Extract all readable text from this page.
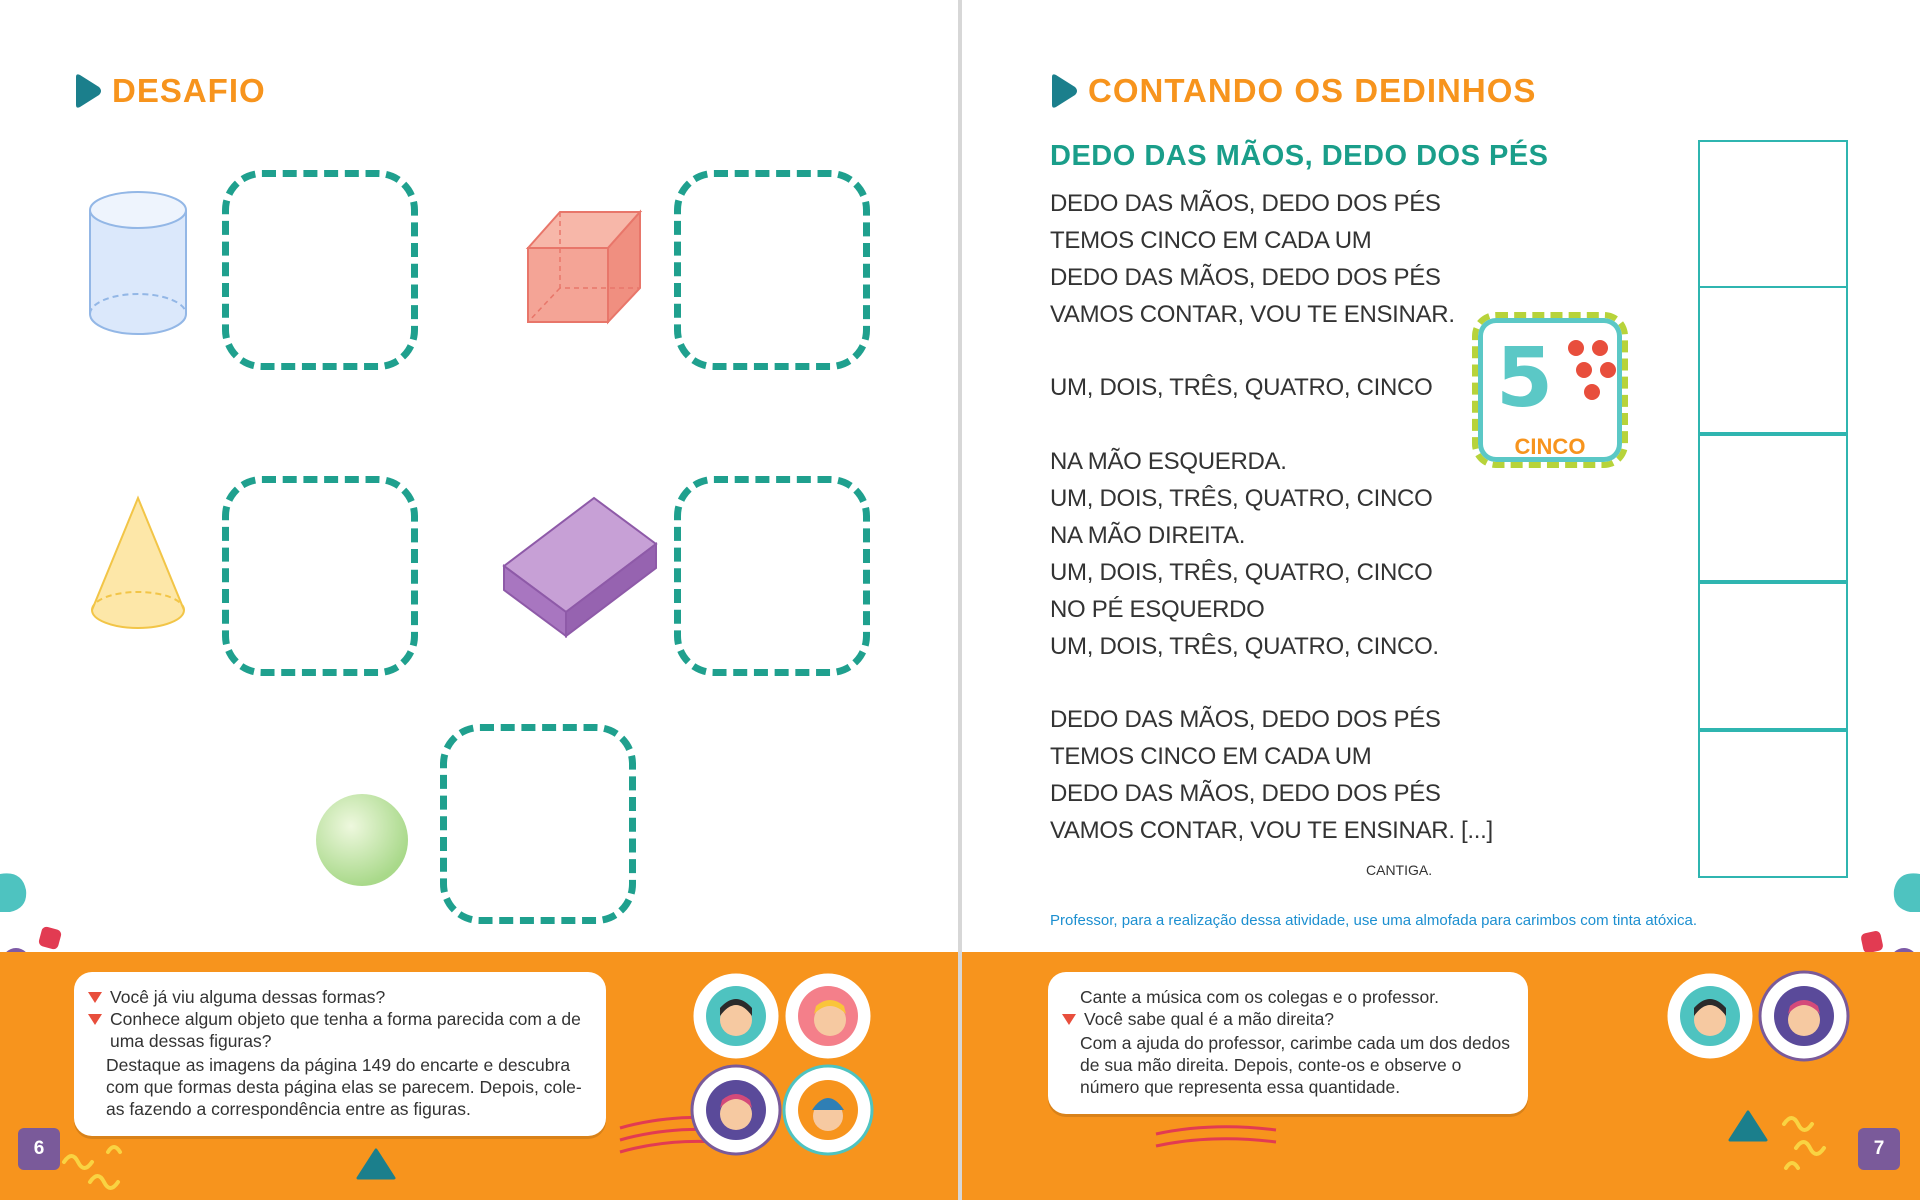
DESAFIO
Você já viu alguma dessas formas?
Conhece algum objeto que tenha a forma parecida com a de uma dessas figuras?
Destaque as imagens da página 149 do encarte e descubra com que formas desta página elas se parecem. Depois, cole-as fazendo a correspondência entre as figuras.
6
CONTANDO OS DEDINHOS
DEDO DAS MÃOS, DEDO DOS PÉS
DEDO DAS MÃOS, DEDO DOS PÉS
TEMOS CINCO EM CADA UM
DEDO DAS MÃOS, DEDO DOS PÉS
VAMOS CONTAR, VOU TE ENSINAR.
UM, DOIS, TRÊS, QUATRO, CINCO
NA MÃO ESQUERDA.
UM, DOIS, TRÊS, QUATRO, CINCO
NA MÃO DIREITA.
UM, DOIS, TRÊS, QUATRO, CINCO
NO PÉ ESQUERDO
UM, DOIS, TRÊS, QUATRO, CINCO.
DEDO DAS MÃOS, DEDO DOS PÉS
TEMOS CINCO EM CADA UM
DEDO DAS MÃOS, DEDO DOS PÉS
VAMOS CONTAR, VOU TE ENSINAR. [...]
CANTIGA.
5
CINCO
Professor, para a realização dessa atividade, use uma almofada para carimbos com tinta atóxica.
Cante a música com os colegas e o professor.
Você sabe qual é a mão direita?
Com a ajuda do professor, carimbe cada um dos dedos de sua mão direita. Depois, conte-os e observe o número que representa essa quantidade.
7
